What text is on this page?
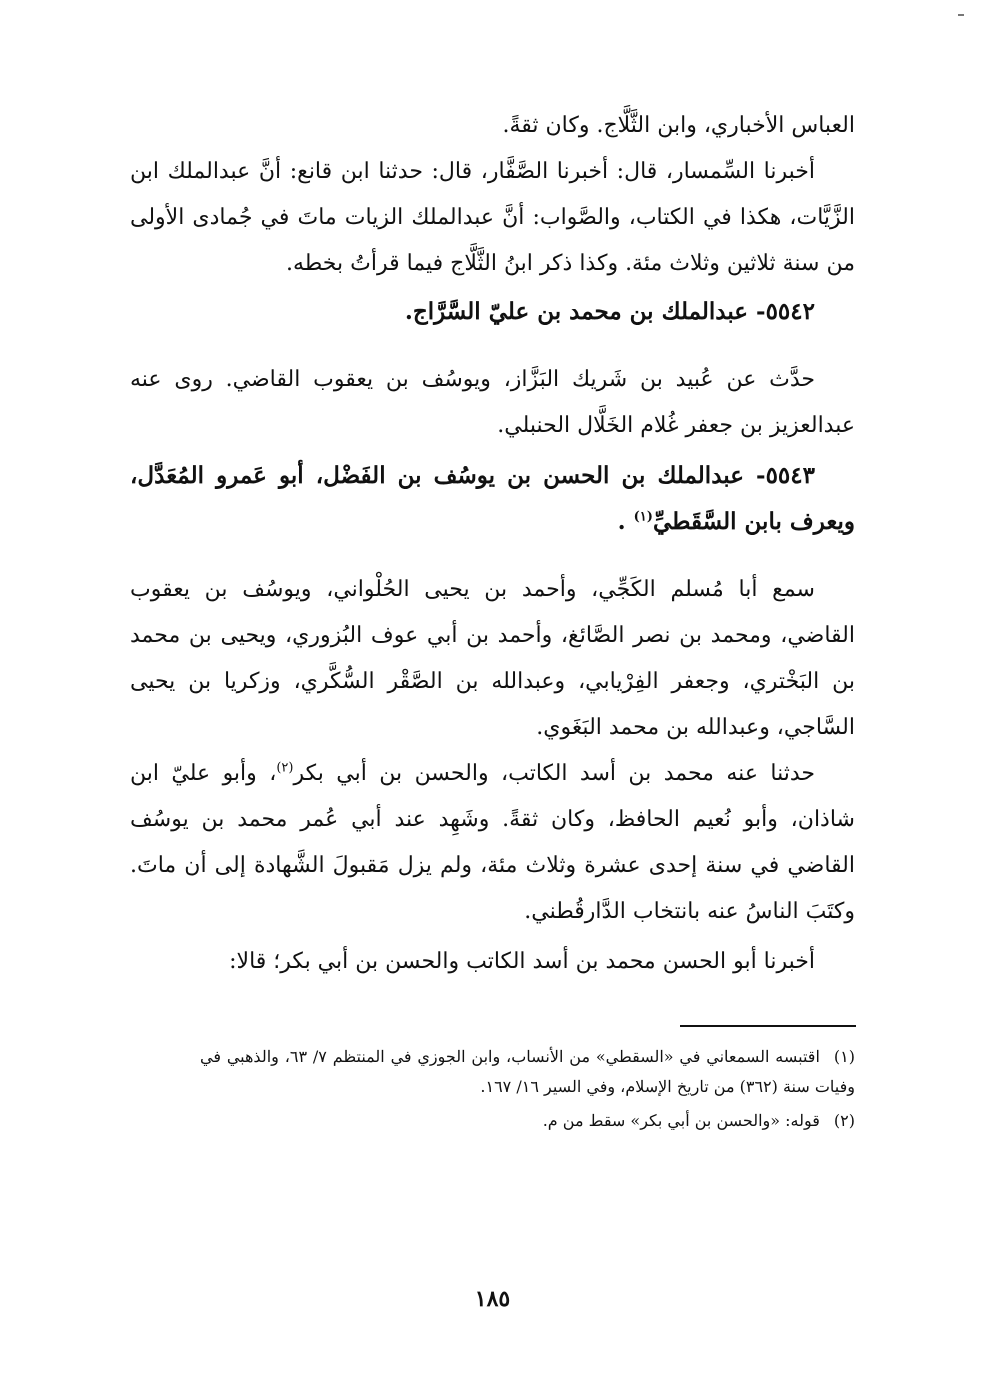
العباس الأخباري، وابن الثَّلَّاج. وكان ثقةً.

أخبرنا السِّمسار، قال: أخبرنا الصَّفَّار، قال: حدثنا ابن قانع: أنَّ عبدالملك ابن الزَّيَّات، هكذا في الكتاب، والصَّواب: أنَّ عبدالملك الزيات ماتَ في جُمادى الأولى من سنة ثلاثين وثلاث مئة. وكذا ذكر ابنُ الثَّلَّاج فيما قرأتُ بخطه.

٥٥٤٢- عبدالملك بن محمد بن عليّ السَّرَّاج.

حدَّث عن عُبيد بن شَريك البَزَّاز، ويوسُف بن يعقوب القاضي. روى عنه عبدالعزيز بن جعفر غُلام الخَلَّال الحنبلي.

٥٥٤٣- عبدالملك بن الحسن بن يوسُف بن الفَضْل، أبو عَمرو المُعَدَّل، ويعرف بابن السَّقَطيِّ$^{(١)}$ .

سمع أبا مُسلم الكَجِّي، وأحمد بن يحيى الحُلْواني، ويوسُف بن يعقوب القاضي، ومحمد بن نصر الصَّائغ، وأحمد بن أبي عوف البُزوري، ويحيى بن محمد بن البَخْتري، وجعفر الفِرْيابي، وعبدالله بن الصَّقْر السُّكَّري، وزكريا بن يحيى السَّاجي، وعبدالله بن محمد البَغَوي.

حدثنا عنه محمد بن أسد الكاتب، والحسن بن أبي بكر$^{(٢)}$، وأبو عليّ ابن شاذان، وأبو نُعيم الحافظ، وكان ثقةً. وشَهِد عند أبي عُمر محمد بن يوسُف القاضي في سنة إحدى عشرة وثلاث مئة، ولم يزل مَقبولَ الشَّهادة إلى أن ماتَ. وكتَبَ الناسُ عنه بانتخاب الدَّارقُطني.

أخبرنا أبو الحسن محمد بن أسد الكاتب والحسن بن أبي بكر؛ قالا:

(١)اقتبسه السمعاني في «السقطي» من الأنساب، وابن الجوزي في المنتظم ٧/ ٦٣، والذهبي في وفيات سنة (٣٦٢) من تاريخ الإسلام، وفي السير ١٦/ ١٦٧.

(٢)قوله: «والحسن بن أبي بكر» سقط من م.

١٨٥
